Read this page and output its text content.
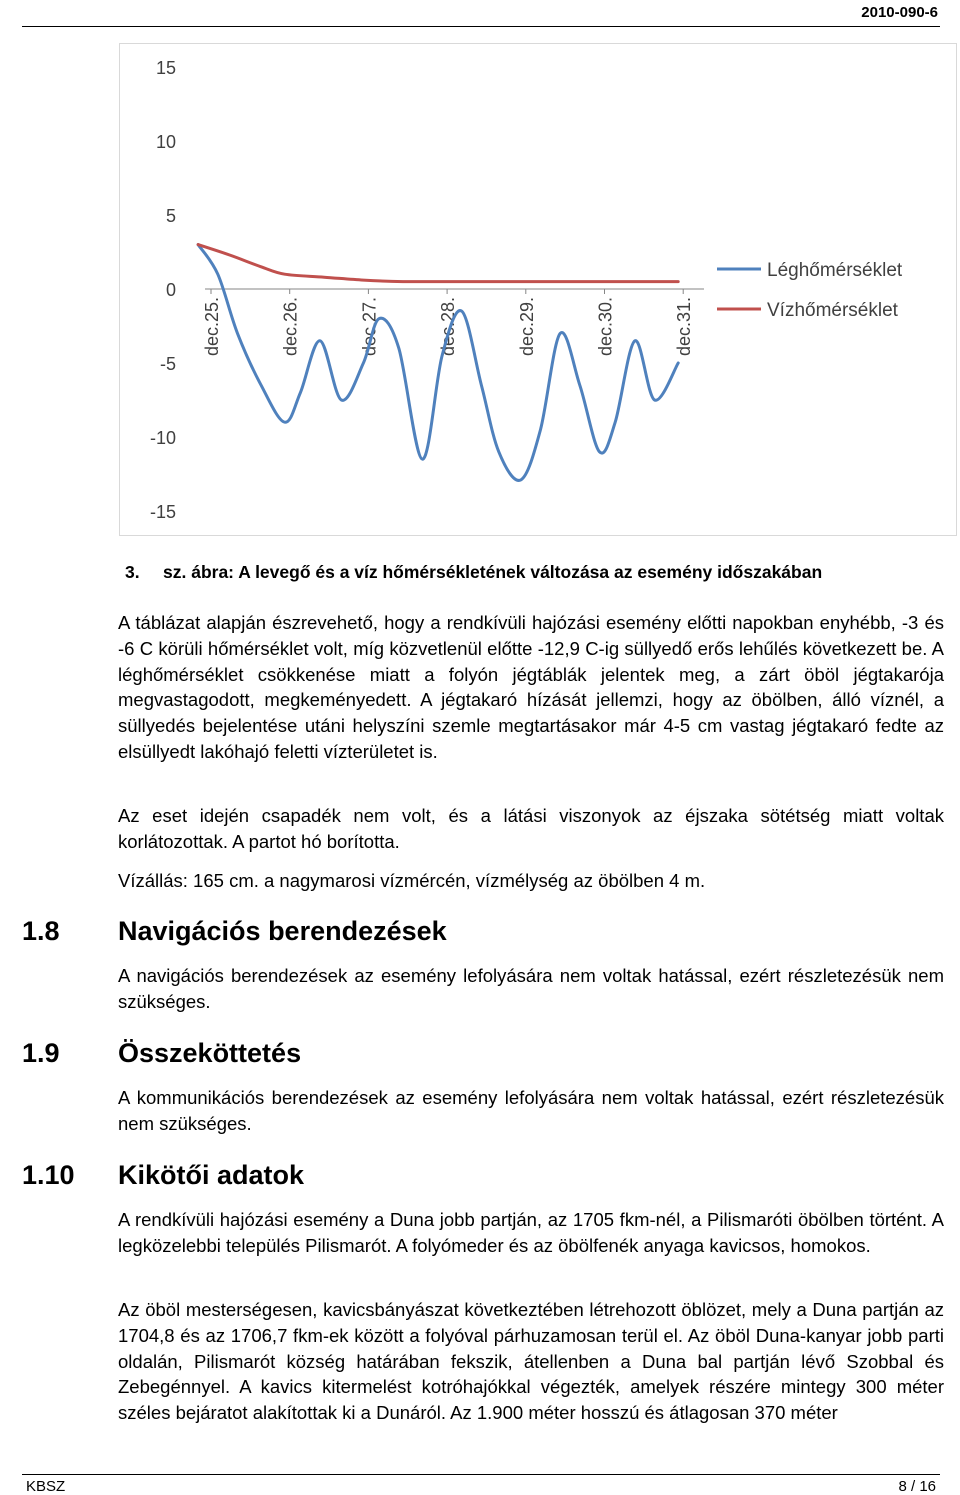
2010-090-6
15
10
5
0
-5
-10
-15
dec.25.	dec.26.	dec.27.	dec.28.	dec.29.	dec.30.	dec.31.
Léghőmérséklet
Vízhőmérséklet
3. sz. ábra: A levegő és a víz hőmérsékletének változása az esemény időszakában

A táblázat alapján észrevehető, hogy a rendkívüli hajózási esemény előtti napokban enyhébb, -3 és -6 C körüli hőmérséklet volt, míg közvetlenül előtte -12,9 C-ig süllyedő erős lehűlés következett be. A léghőmérséklet csökkenése miatt a folyón jégtáblák jelentek meg, a zárt öböl jégtakarója megvastagodott, megkeményedett. A jégtakaró hízását jellemzi, hogy az öbölben, álló víznél, a süllyedés bejelentése utáni helyszíni szemle megtartásakor már 4-5 cm vastag jégtakaró fedte az elsüllyedt lakóhajó feletti vízterületet is.

Az eset idején csapadék nem volt, és a látási viszonyok az éjszaka sötétség miatt voltak korlátozottak. A partot hó borította.

Vízállás: 165 cm. a nagymarosi vízmércén, vízmélység az öbölben 4 m.

1.8 Navigációs berendezések

A navigációs berendezések az esemény lefolyására nem voltak hatással, ezért részletezésük nem szükséges.

1.9 Összeköttetés

A kommunikációs berendezések az esemény lefolyására nem voltak hatással, ezért részletezésük nem szükséges.

1.10 Kikötői adatok

A rendkívüli hajózási esemény a Duna jobb partján, az 1705 fkm-nél, a Pilismaróti öbölben történt. A legközelebbi település Pilismarót. A folyómeder és az öbölfenék anyaga kavicsos, homokos.

Az öböl mesterségesen, kavicsbányászat következtében létrehozott öblözet, mely a Duna partján az 1704,8 és az 1706,7 fkm-ek között a folyóval párhuzamosan terül el. Az öböl Duna-kanyar jobb parti oldalán, Pilismarót község határában fekszik, átellenben a Duna bal partján lévő Szobbal és Zebegénnyel. A kavics kitermelést kotróhajókkal végezték, amelyek részére mintegy 300 méter széles bejáratot alakítottak ki a Dunáról. Az 1.900 méter hosszú és átlagosan 370 méter

KBSZ	8 / 16
